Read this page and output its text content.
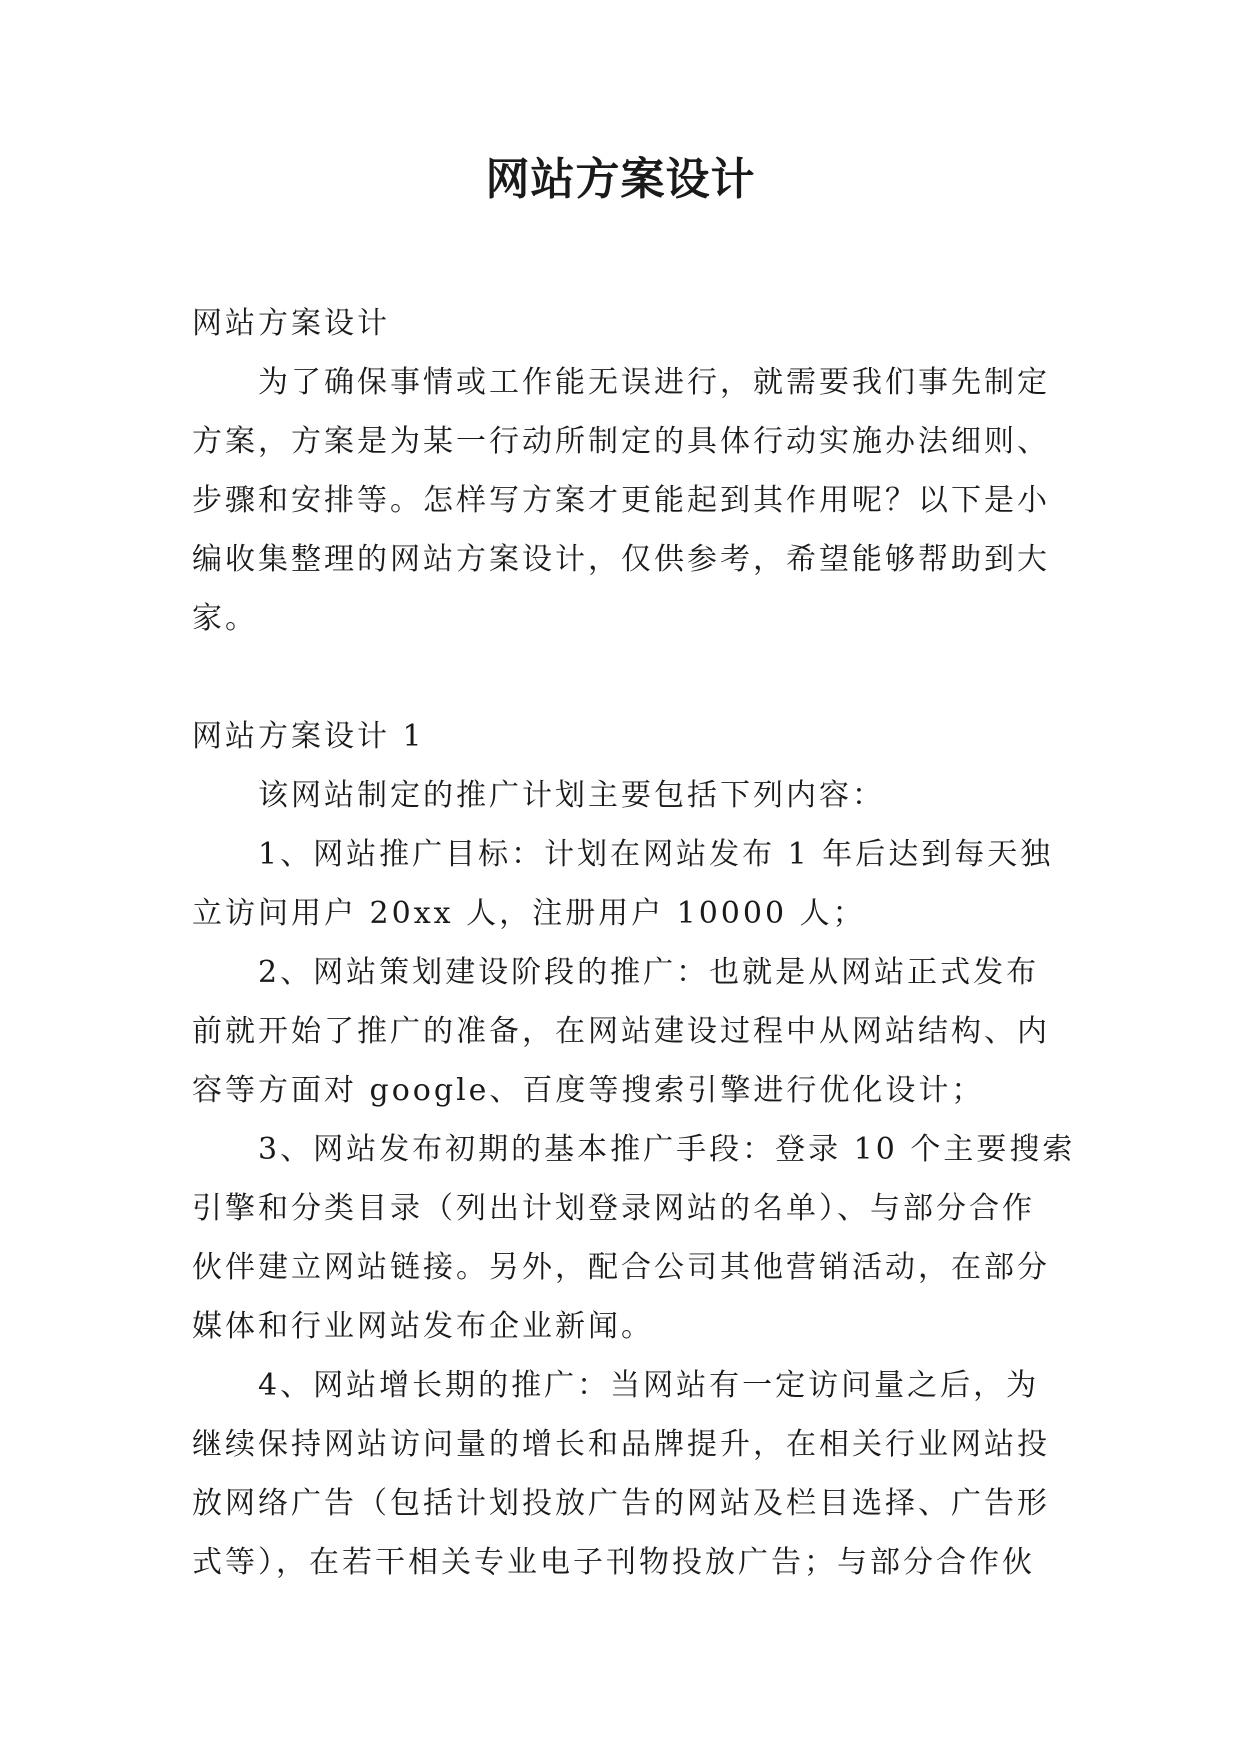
网站方案设计

网站方案设计

为了确保事情或工作能无误进行，就需要我们事先制定

方案，方案是为某一行动所制定的具体行动实施办法细则、

步骤和安排等。怎样写方案才更能起到其作用呢？以下是小

编收集整理的网站方案设计，仅供参考，希望能够帮助到大

家。

网站方案设计 1

该网站制定的推广计划主要包括下列内容：

1、网站推广目标：计划在网站发布 1 年后达到每天独

立访问用户 20xx 人，注册用户 10000 人；

2、网站策划建设阶段的推广：也就是从网站正式发布

前就开始了推广的准备，在网站建设过程中从网站结构、内

容等方面对 google、百度等搜索引擎进行优化设计；

3、网站发布初期的基本推广手段：登录 10 个主要搜索

引擎和分类目录（列出计划登录网站的名单）、与部分合作

伙伴建立网站链接。另外，配合公司其他营销活动，在部分

媒体和行业网站发布企业新闻。

4、网站增长期的推广：当网站有一定访问量之后，为

继续保持网站访问量的增长和品牌提升，在相关行业网站投

放网络广告（包括计划投放广告的网站及栏目选择、广告形

式等），在若干相关专业电子刊物投放广告；与部分合作伙
